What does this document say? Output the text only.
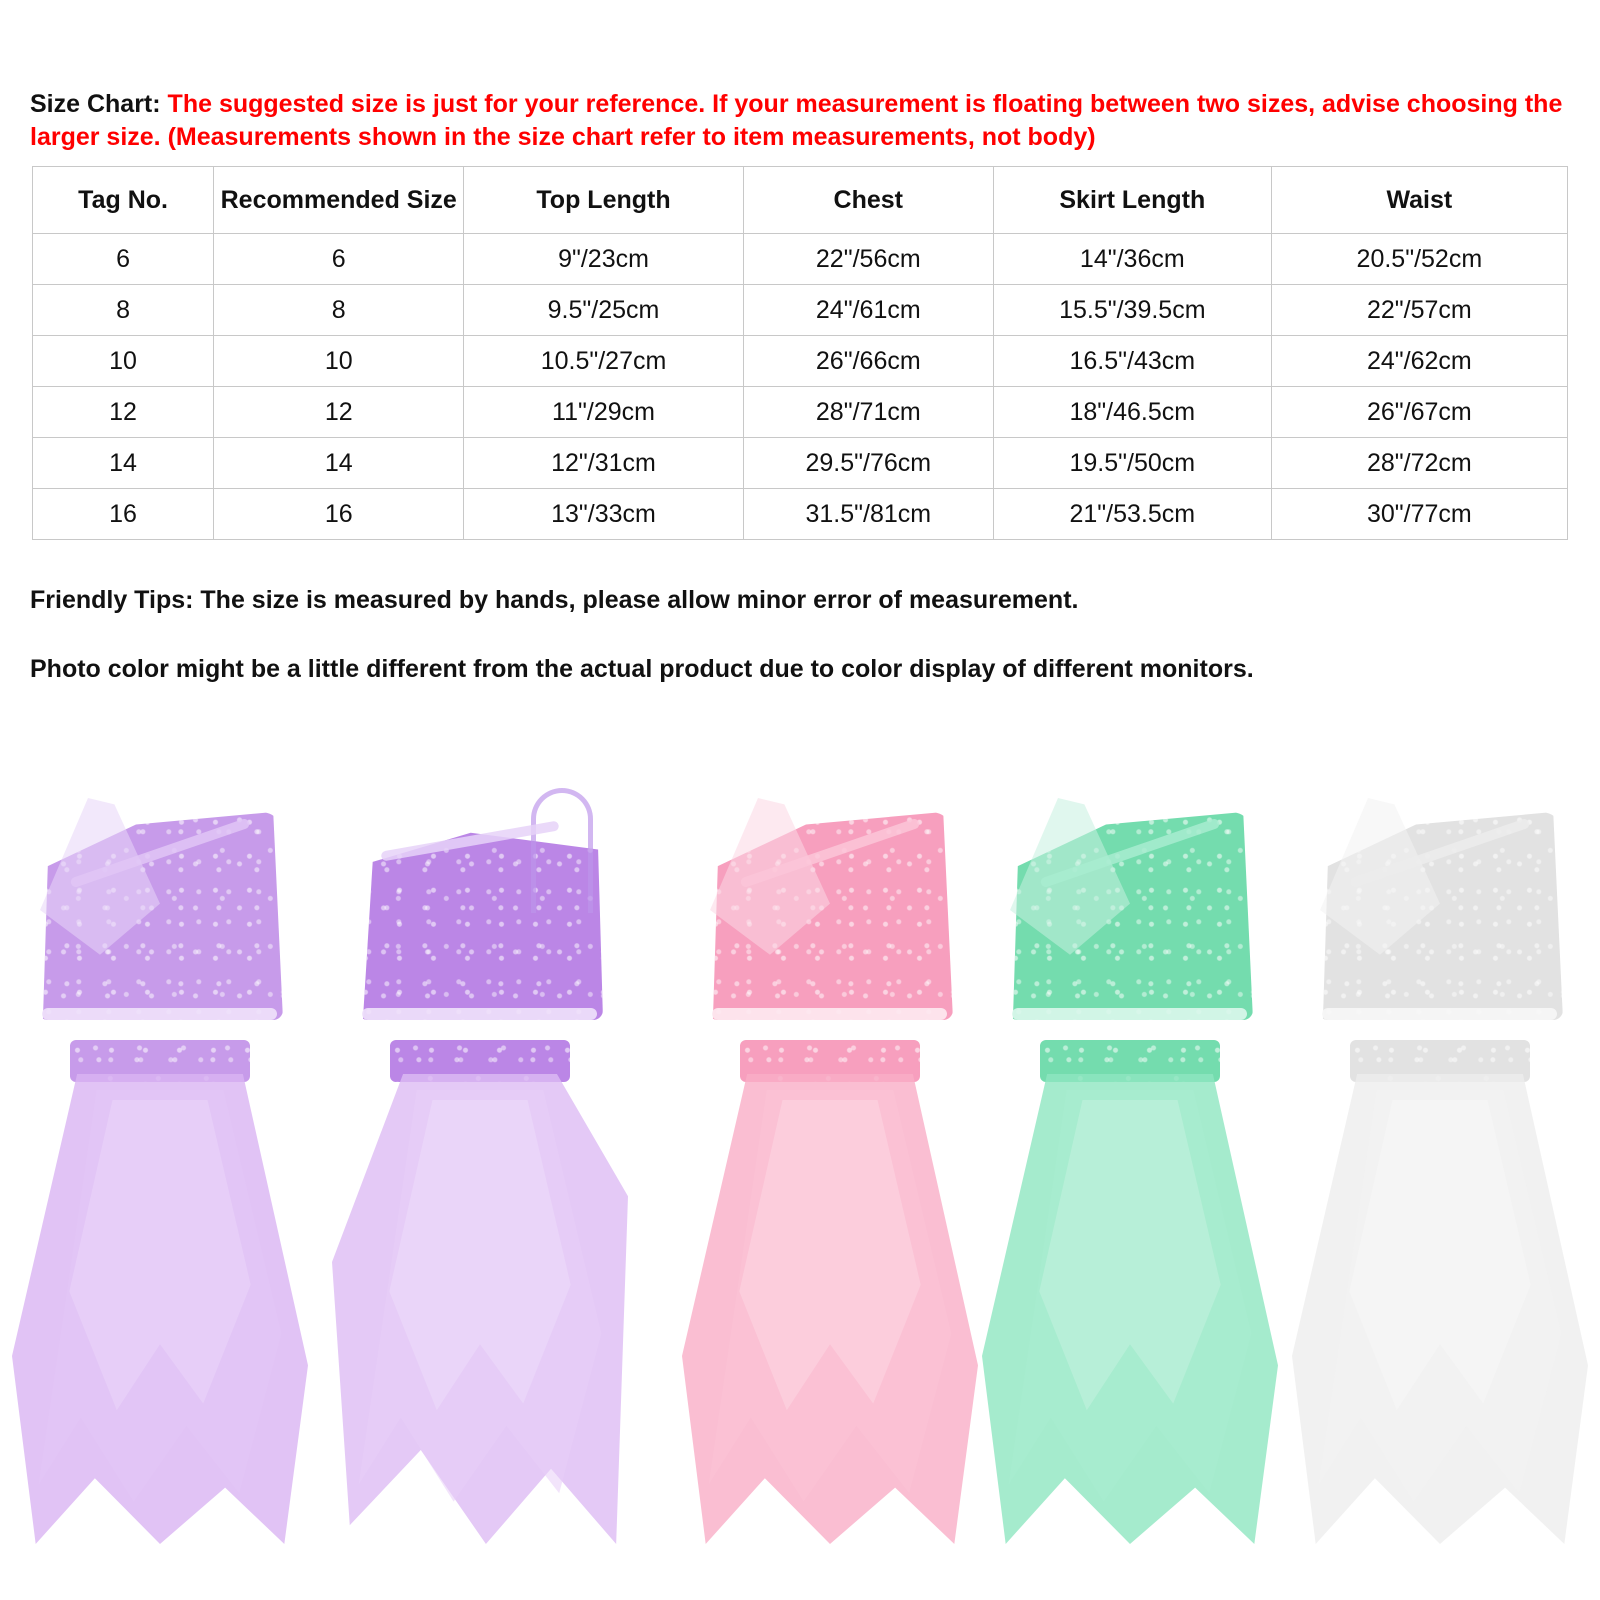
Size Chart: The suggested size is just for your reference. If your measurement is floating between two sizes, advise choosing the larger size. (Measurements shown in the size chart refer to item measurements, not body)
Tag No.	Recommended Size	Top Length	Chest	Skirt Length	Waist
6	6	9"/23cm	22"/56cm	14"/36cm	20.5"/52cm
8	8	9.5"/25cm	24"/61cm	15.5"/39.5cm	22"/57cm
10	10	10.5"/27cm	26"/66cm	16.5"/43cm	24"/62cm
12	12	11"/29cm	28"/71cm	18"/46.5cm	26"/67cm
14	14	12"/31cm	29.5"/76cm	19.5"/50cm	28"/72cm
16	16	13"/33cm	31.5"/81cm	21"/53.5cm	30"/77cm

Friendly Tips: The size is measured by hands, please allow minor error of measurement.

Photo color might be a little different from the actual product due to color display of different monitors.
